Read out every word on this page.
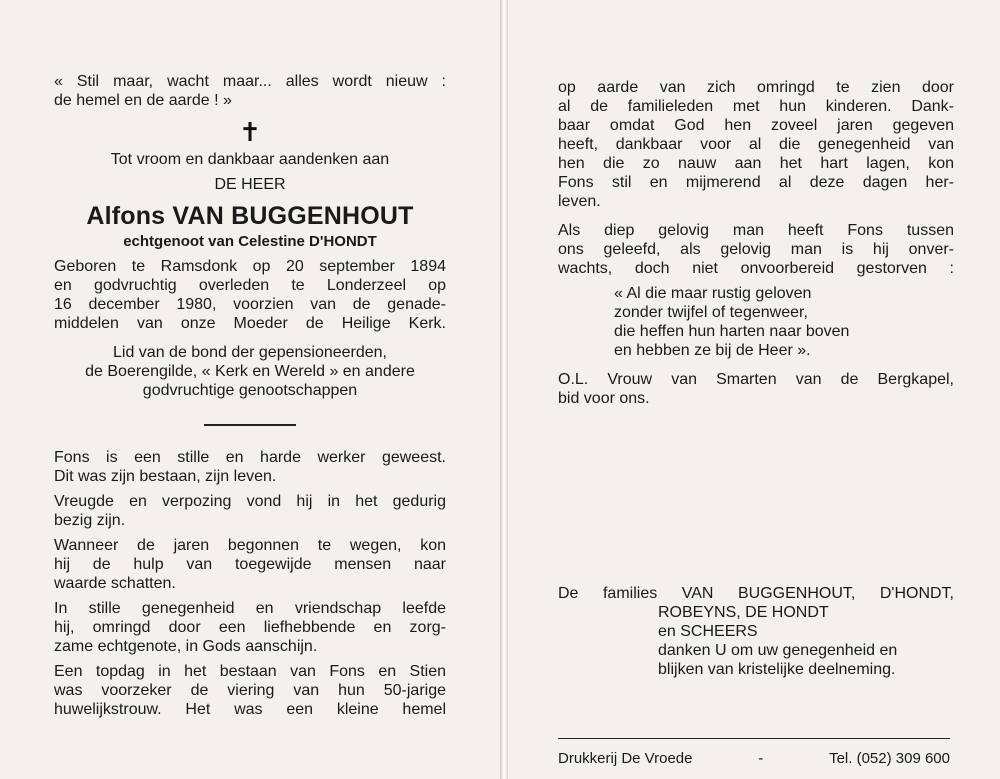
« Stil maar, wacht maar... alles wordt nieuw :
de hemel en de aarde ! »
✝
Tot vroom en dankbaar aandenken aan
DE HEER
Alfons VAN BUGGENHOUT
echtgenoot van Celestine D'HONDT
Geboren te Ramsdonk op 20 september 1894
en godvruchtig overleden te Londerzeel op
16 december 1980, voorzien van de genade-
middelen van onze Moeder de Heilige Kerk.
Lid van de bond der gepensioneerden,
de Boerengilde, « Kerk en Wereld » en andere
godvruchtige genootschappen
Fons is een stille en harde werker geweest.
Dit was zijn bestaan, zijn leven.
Vreugde en verpozing vond hij in het gedurig
bezig zijn.
Wanneer de jaren begonnen te wegen, kon
hij de hulp van toegewijde mensen naar
waarde schatten.
In stille genegenheid en vriendschap leefde
hij, omringd door een liefhebbende en zorg-
zame echtgenote, in Gods aanschijn.
Een topdag in het bestaan van Fons en Stien
was voorzeker de viering van hun 50-jarige
huwelijkstrouw. Het was een kleine hemel
op aarde van zich omringd te zien door
al de familieleden met hun kinderen. Dank-
baar omdat God hen zoveel jaren gegeven
heeft, dankbaar voor al die genegenheid van
hen die zo nauw aan het hart lagen, kon
Fons stil en mijmerend al deze dagen her-
leven.
Als diep gelovig man heeft Fons tussen
ons geleefd, als gelovig man is hij onver-
wachts, doch niet onvoorbereid gestorven :
« Al die maar rustig geloven
zonder twijfel of tegenweer,
die heffen hun harten naar boven
en hebben ze bij de Heer ».
O.L. Vrouw van Smarten van de Bergkapel,
bid voor ons.
De families VAN BUGGENHOUT, D'HONDT,
ROBEYNS, DE HONDT
en SCHEERS
danken U om uw genegenheid en
blijken van kristelijke deelneming.
Drukkerij De Vroede	-	Tel. (052) 309 600
